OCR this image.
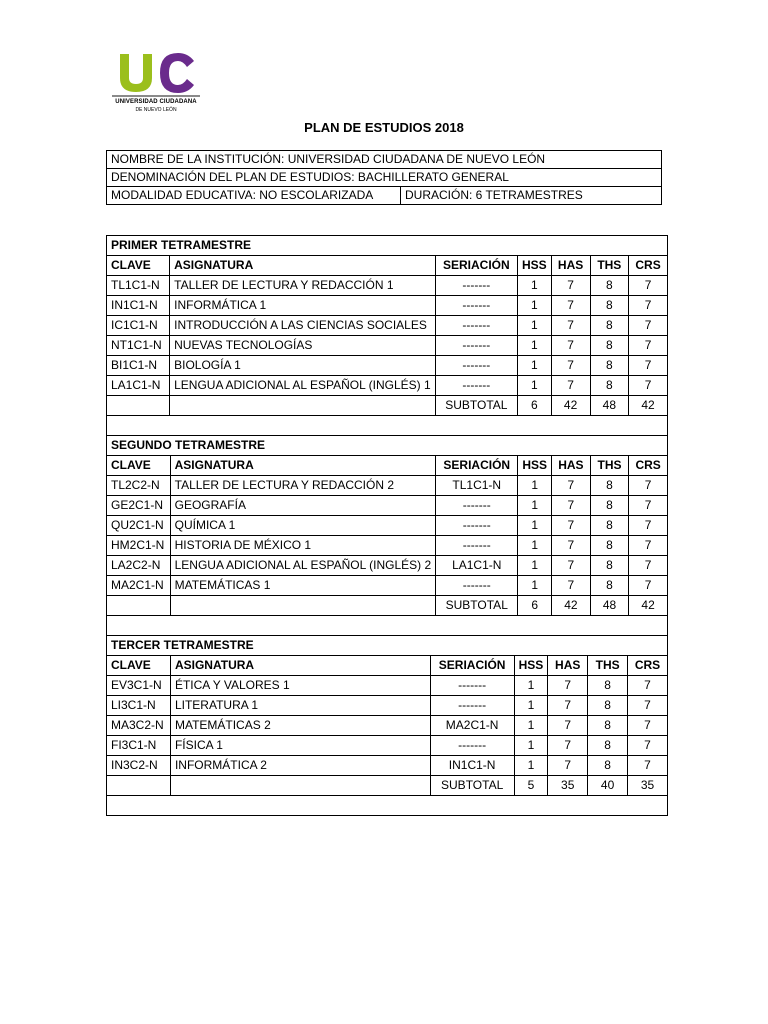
UNIVERSIDAD CIUDADANA
DE NUEVO LEÓN
PLAN DE ESTUDIOS 2018
NOMBRE DE LA INSTITUCIÓN: UNIVERSIDAD CIUDADANA DE NUEVO LEÓN
DENOMINACIÓN DEL PLAN DE ESTUDIOS: BACHILLERATO GENERAL
MODALIDAD EDUCATIVA: NO ESCOLARIZADA	DURACIÓN: 6 TETRAMESTRES
PRIMER TETRAMESTRE						
CLAVE	ASIGNATURA	SERIACIÓN	HSS	HAS	THS	CRS
TL1C1-N	TALLER DE LECTURA Y REDACCIÓN 1	-------	1	7	8	7
IN1C1-N	INFORMÁTICA 1	-------	1	7	8	7
IC1C1-N	INTRODUCCIÓN A LAS CIENCIAS SOCIALES	-------	1	7	8	7
NT1C1-N	NUEVAS TECNOLOGÍAS	-------	1	7	8	7
BI1C1-N	BIOLOGÍA 1	-------	1	7	8	7
LA1C1-N	LENGUA ADICIONAL AL ESPAÑOL (INGLÉS) 1	-------	1	7	8	7
		SUBTOTAL	6	42	48	42

SEGUNDO TETRAMESTRE						
CLAVE	ASIGNATURA	SERIACIÓN	HSS	HAS	THS	CRS
TL2C2-N	TALLER DE LECTURA Y REDACCIÓN 2	TL1C1-N	1	7	8	7
GE2C1-N	GEOGRAFÍA	-------	1	7	8	7
QU2C1-N	QUÍMICA 1	-------	1	7	8	7
HM2C1-N	HISTORIA DE MÉXICO 1	-------	1	7	8	7
LA2C2-N	LENGUA ADICIONAL AL ESPAÑOL (INGLÉS) 2	LA1C1-N	1	7	8	7
MA2C1-N	MATEMÁTICAS 1	-------	1	7	8	7
		SUBTOTAL	6	42	48	42

TERCER TETRAMESTRE						
CLAVE	ASIGNATURA	SERIACIÓN	HSS	HAS	THS	CRS
EV3C1-N	ÉTICA Y VALORES 1	-------	1	7	8	7
LI3C1-N	LITERATURA 1	-------	1	7	8	7
MA3C2-N	MATEMÁTICAS 2	MA2C1-N	1	7	8	7
FI3C1-N	FÍSICA 1	-------	1	7	8	7
IN3C2-N	INFORMÁTICA 2	IN1C1-N	1	7	8	7
		SUBTOTAL	5	35	40	35
